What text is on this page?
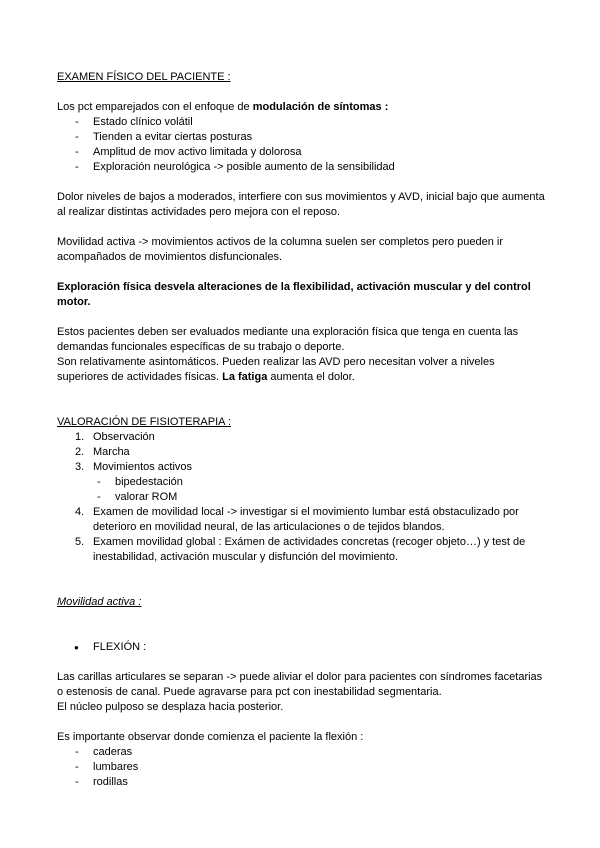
EXAMEN FÍSICO DEL PACIENTE :

Los pct emparejados con el enfoque de modulación de síntomas :

- Estado clínico volátil
- Tienden a evitar ciertas posturas
- Amplitud de mov activo limitada y dolorosa
- Exploración neurológica -> posible aumento de la sensibilidad

Dolor niveles de bajos a moderados, interfiere con sus movimientos y AVD, inicial bajo que aumenta al realizar distintas actividades pero mejora con el reposo.

Movilidad activa -> movimientos activos de la columna suelen ser completos pero pueden ir acompañados de movimientos disfuncionales.

Exploración física desvela alteraciones de la flexibilidad, activación muscular y del control motor.

Estos pacientes deben ser evaluados mediante una exploración física que tenga en cuenta las demandas funcionales específicas de su trabajo o deporte.

Son relativamente asintomáticos. Pueden realizar las AVD pero necesitan volver a niveles superiores de actividades físicas. La fatiga aumenta el dolor.

VALORACIÓN DE FISIOTERAPIA :

1. Observación
2. Marcha
3. Movimientos activos
- bipedestación
- valorar ROM
4. Examen de movilidad local -> investigar si el movimiento lumbar está obstaculizado por deterioro en movilidad neural, de las articulaciones o de tejidos blandos.
5. Examen movilidad global : Exámen de actividades concretas (recoger objeto…) y test de inestabilidad, activación muscular y disfunción del movimiento.

Movilidad activa :

● FLEXIÓN :

Las carillas articulares se separan -> puede aliviar el dolor para pacientes con síndromes facetarias o estenosis de canal. Puede agravarse para pct con inestabilidad segmentaria.

El núcleo pulposo se desplaza hacia posterior.

Es importante observar donde comienza el paciente la flexión :

- caderas
- lumbares
- rodillas
